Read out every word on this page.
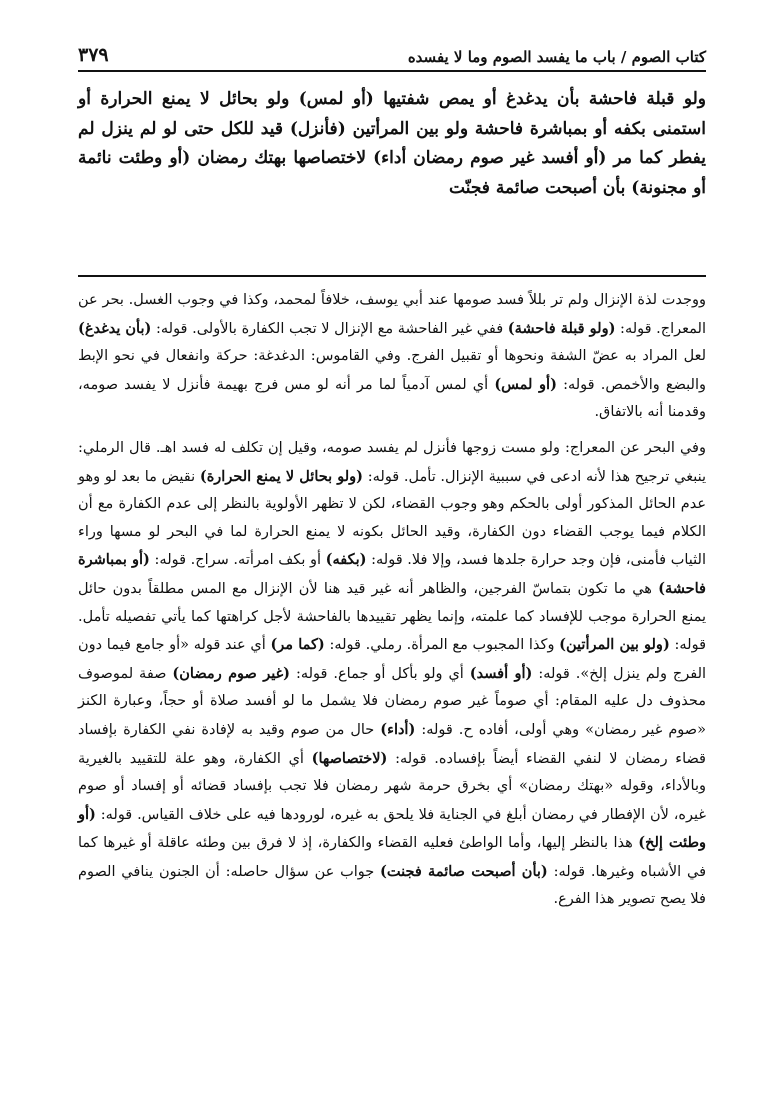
كتاب الصوم / باب ما يفسد الصوم وما لا يفسده
٣٧٩
ولو قبلة فاحشة بأن يدغدغ أو يمص شفتيها (أو لمس) ولو بحائل لا يمنع الحرارة أو استمنى بكفه أو بمباشرة فاحشة ولو بين المرأتين (فأنزل) قيد للكل حتى لو لم ينزل لم يفطر كما مر (أو أفسد غير صوم رمضان أداء) لاختصاصها بهتك رمضان (أو وطئت نائمة أو مجنونة) بأن أصبحت صائمة فجنّت

ووجدت لذة الإنزال ولم تر بللاً فسد صومها عند أبي يوسف، خلافاً لمحمد، وكذا في وجوب الغسل. بحر عن المعراج. قوله: (ولو قبلة فاحشة) ففي غير الفاحشة مع الإنزال لا تجب الكفارة بالأولى. قوله: (بأن يدغدغ) لعل المراد به عضّ الشفة ونحوها أو تقبيل الفرج. وفي القاموس: الدغدغة: حركة وانفعال في نحو الإبط والبضع والأخمص. قوله: (أو لمس) أي لمس آدمياً لما مر أنه لو مس فرج بهيمة فأنزل لا يفسد صومه، وقدمنا أنه بالاتفاق.

وفي البحر عن المعراج: ولو مست زوجها فأنزل لم يفسد صومه، وقيل إن تكلف له فسد اهـ. قال الرملي: ينبغي ترجيح هذا لأنه ادعى في سببية الإنزال. تأمل. قوله: (ولو بحائل لا يمنع الحرارة) نقيض ما بعد لو وهو عدم الحائل المذكور أولى بالحكم وهو وجوب القضاء، لكن لا تظهر الأولوية بالنظر إلى عدم الكفارة مع أن الكلام فيما يوجب القضاء دون الكفارة، وقيد الحائل بكونه لا يمنع الحرارة لما في البحر لو مسها وراء الثياب فأمنى، فإن وجد حرارة جلدها فسد، وإلا فلا. قوله: (بكفه) أو بكف امرأته. سراج. قوله: (أو بمباشرة فاحشة) هي ما تكون بتماسّ الفرجين، والظاهر أنه غير قيد هنا لأن الإنزال مع المس مطلقاً بدون حائل يمنع الحرارة موجب للإفساد كما علمته، وإنما يظهر تقييدها بالفاحشة لأجل كراهتها كما يأتي تفصيله تأمل. قوله: (ولو بين المرأتين) وكذا المجبوب مع المرأة. رملي. قوله: (كما مر) أي عند قوله «أو جامع فيما دون الفرج ولم ينزل إلخ». قوله: (أو أفسد) أي ولو بأكل أو جماع. قوله: (غير صوم رمضان) صفة لموصوف محذوف دل عليه المقام: أي صوماً غير صوم رمضان فلا يشمل ما لو أفسد صلاة أو حجاً، وعبارة الكنز «صوم غير رمضان» وهي أولى، أفاده ح. قوله: (أداء) حال من صوم وقيد به لإفادة نفي الكفارة بإفساد قضاء رمضان لا لنفي القضاء أيضاً بإفساده. قوله: (لاختصاصها) أي الكفارة، وهو علة للتقييد بالغيرية وبالأداء، وقوله «بهتك رمضان» أي بخرق حرمة شهر رمضان فلا تجب بإفساد قضائه أو إفساد أو صوم غيره، لأن الإفطار في رمضان أبلغ في الجناية فلا يلحق به غيره، لورودها فيه على خلاف القياس. قوله: (أو وطئت إلخ) هذا بالنظر إليها، وأما الواطئ فعليه القضاء والكفارة، إذ لا فرق بين وطئه عاقلة أو غيرها كما في الأشباه وغيرها. قوله: (بأن أصبحت صائمة فجنت) جواب عن سؤال حاصله: أن الجنون ينافي الصوم فلا يصح تصوير هذا الفرع.
